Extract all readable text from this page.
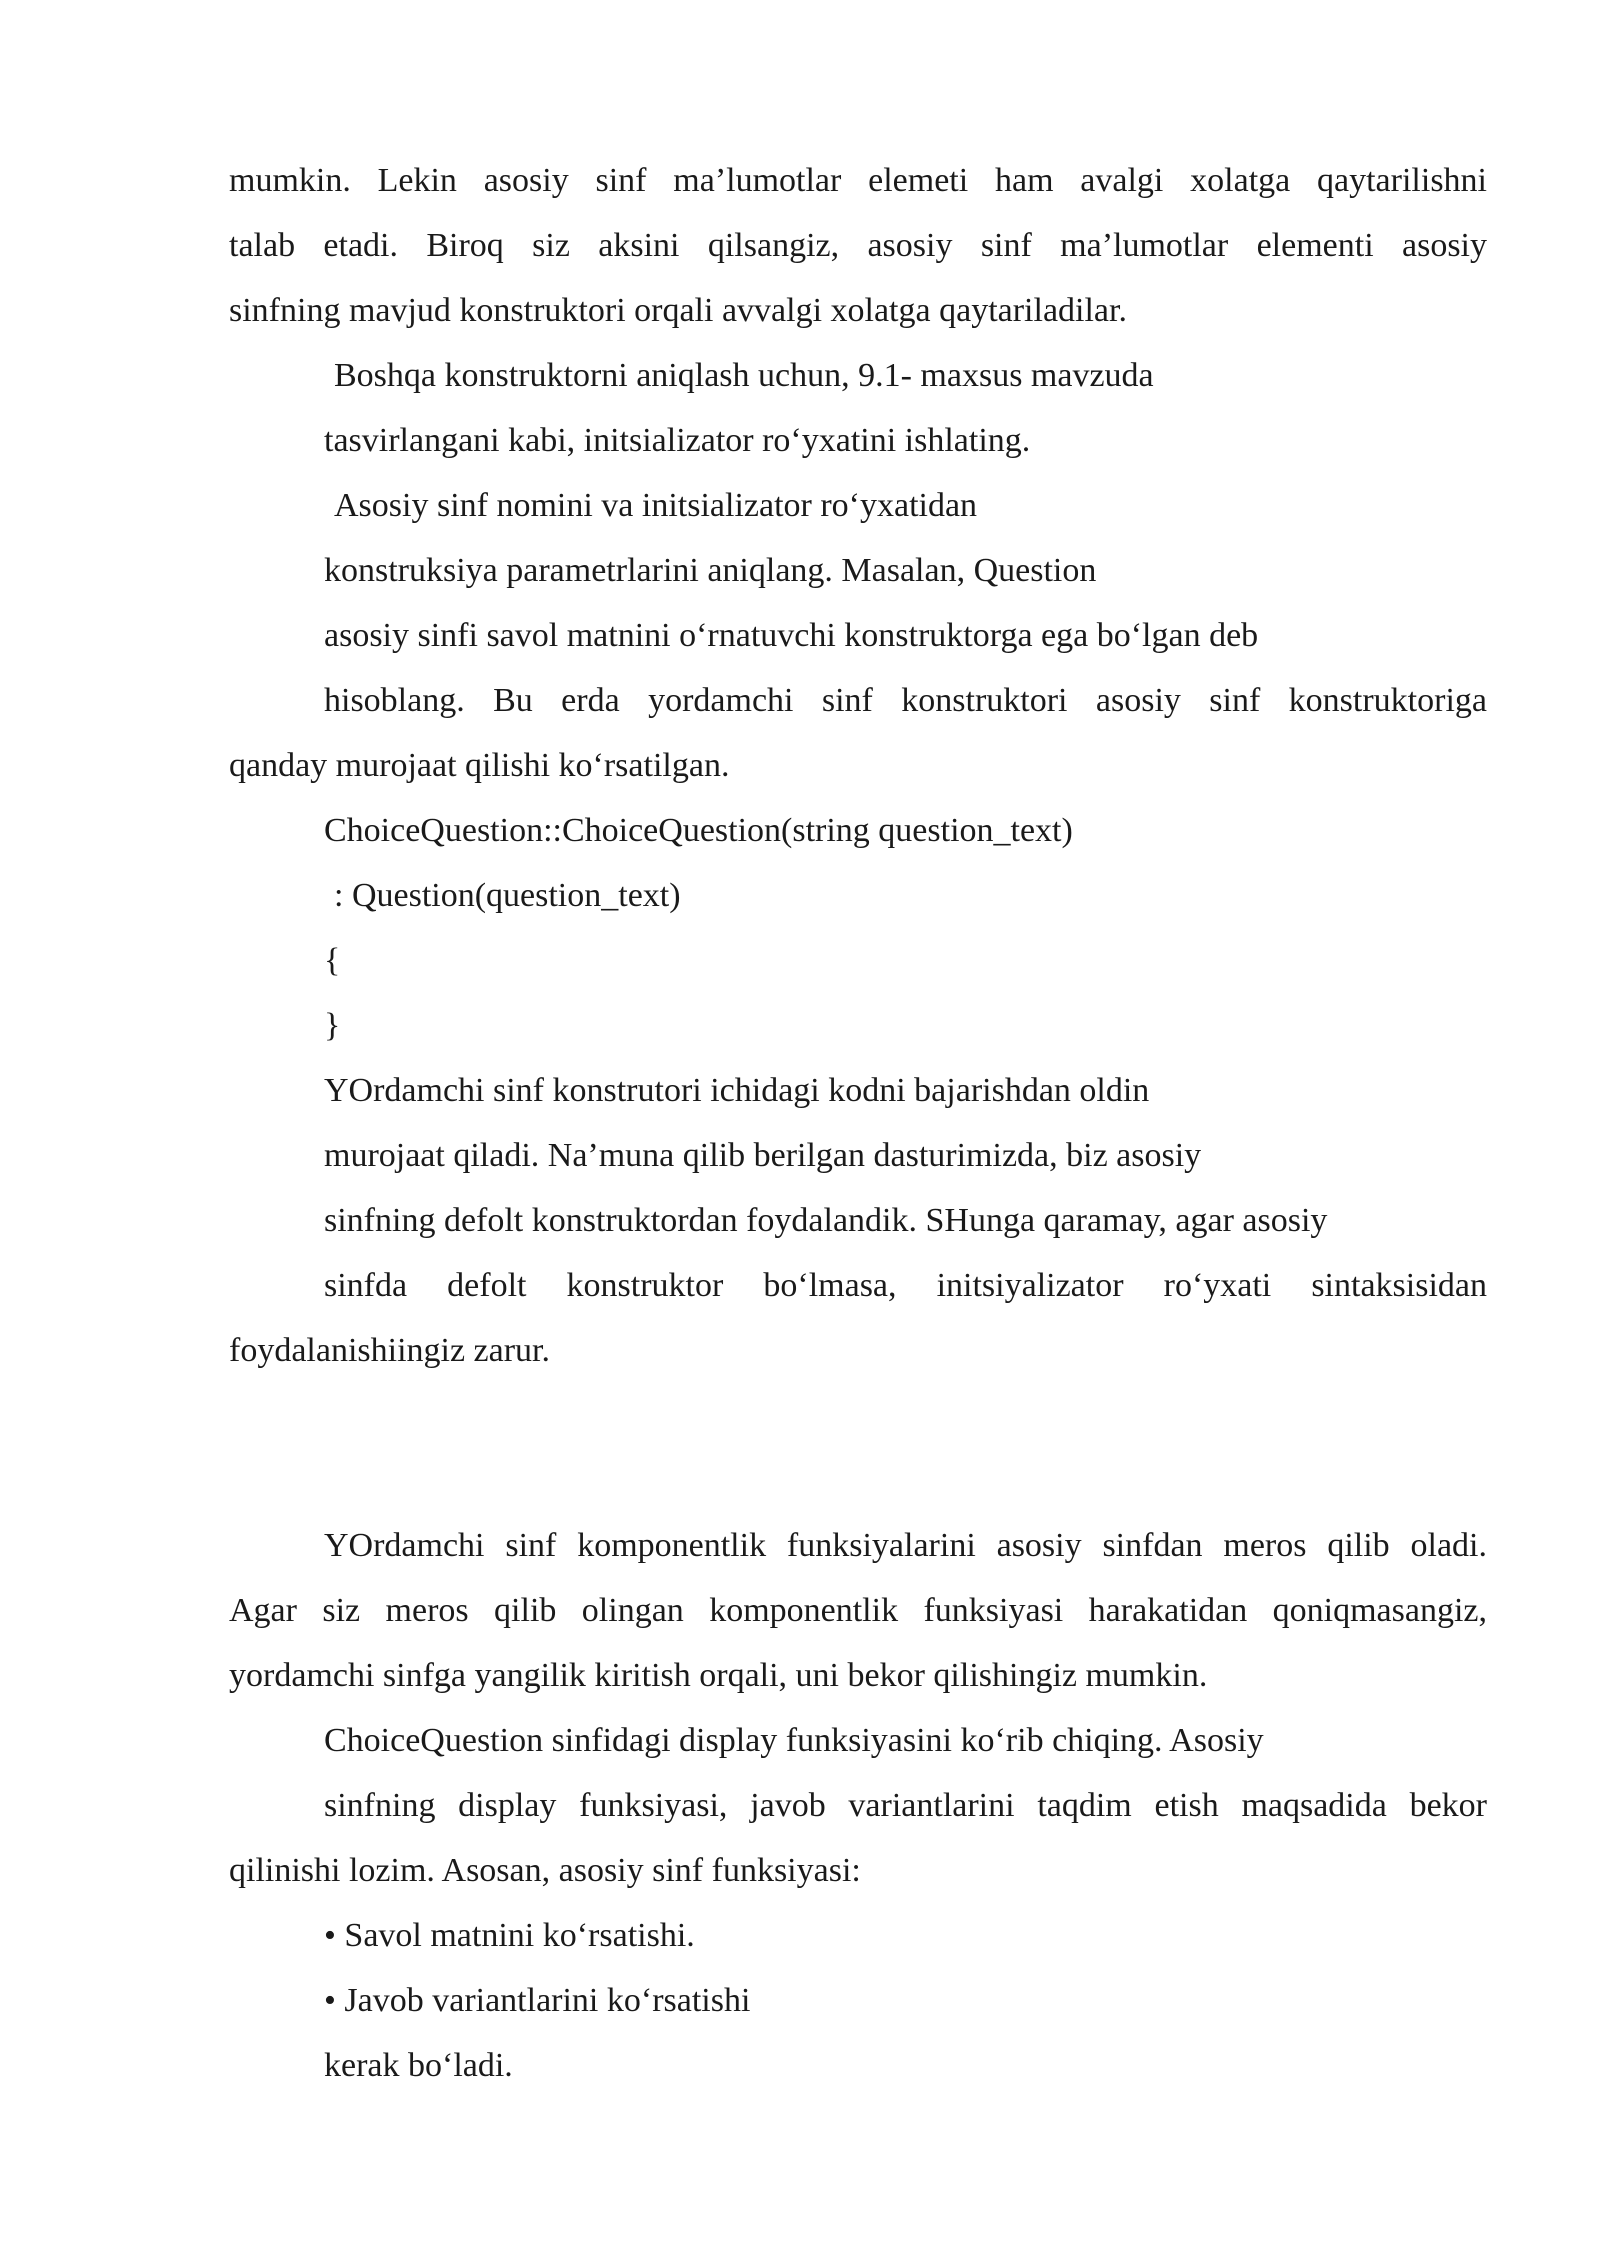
mumkin. Lekin asosiy sinf ma’lumotlar elemeti ham avalgi xolatga qaytarilishni
talab etadi. Biroq siz aksini qilsangiz, asosiy sinf ma’lumotlar elementi asosiy
sinfning mavjud konstruktori orqali avvalgi xolatga qaytariladilar.
Boshqa konstruktorni aniqlash uchun, 9.1- maxsus mavzuda
tasvirlangani kabi, initsializator ro‘yxatini ishlating.
Asosiy sinf nomini va initsializator ro‘yxatidan
konstruksiya parametrlarini aniqlang. Masalan, Question
asosiy sinfi savol matnini o‘rnatuvchi konstruktorga ega bo‘lgan deb
hisoblang. Bu erda yordamchi sinf konstruktori asosiy sinf konstruktoriga
qanday murojaat qilishi ko‘rsatilgan.
ChoiceQuestion::ChoiceQuestion(string question_text)
: Question(question_text)
{
}
YOrdamchi sinf konstrutori ichidagi kodni bajarishdan oldin
murojaat qiladi. Na’muna qilib berilgan dasturimizda, biz asosiy
sinfning defolt konstruktordan foydalandik. SHunga qaramay, agar asosiy
sinfda defolt konstruktor bo‘lmasa, initsiyalizator ro‘yxati sintaksisidan
foydalanishiingiz zarur.
YOrdamchi sinf komponentlik funksiyalarini asosiy sinfdan meros qilib oladi.
Agar siz meros qilib olingan komponentlik funksiyasi harakatidan qoniqmasangiz,
yordamchi sinfga yangilik kiritish orqali, uni bekor qilishingiz mumkin.
ChoiceQuestion sinfidagi display funksiyasini ko‘rib chiqing. Asosiy
sinfning display funksiyasi, javob variantlarini taqdim etish maqsadida bekor
qilinishi lozim. Asosan, asosiy sinf funksiyasi:
• Savol matnini ko‘rsatishi.
• Javob variantlarini ko‘rsatishi
kerak bo‘ladi.
